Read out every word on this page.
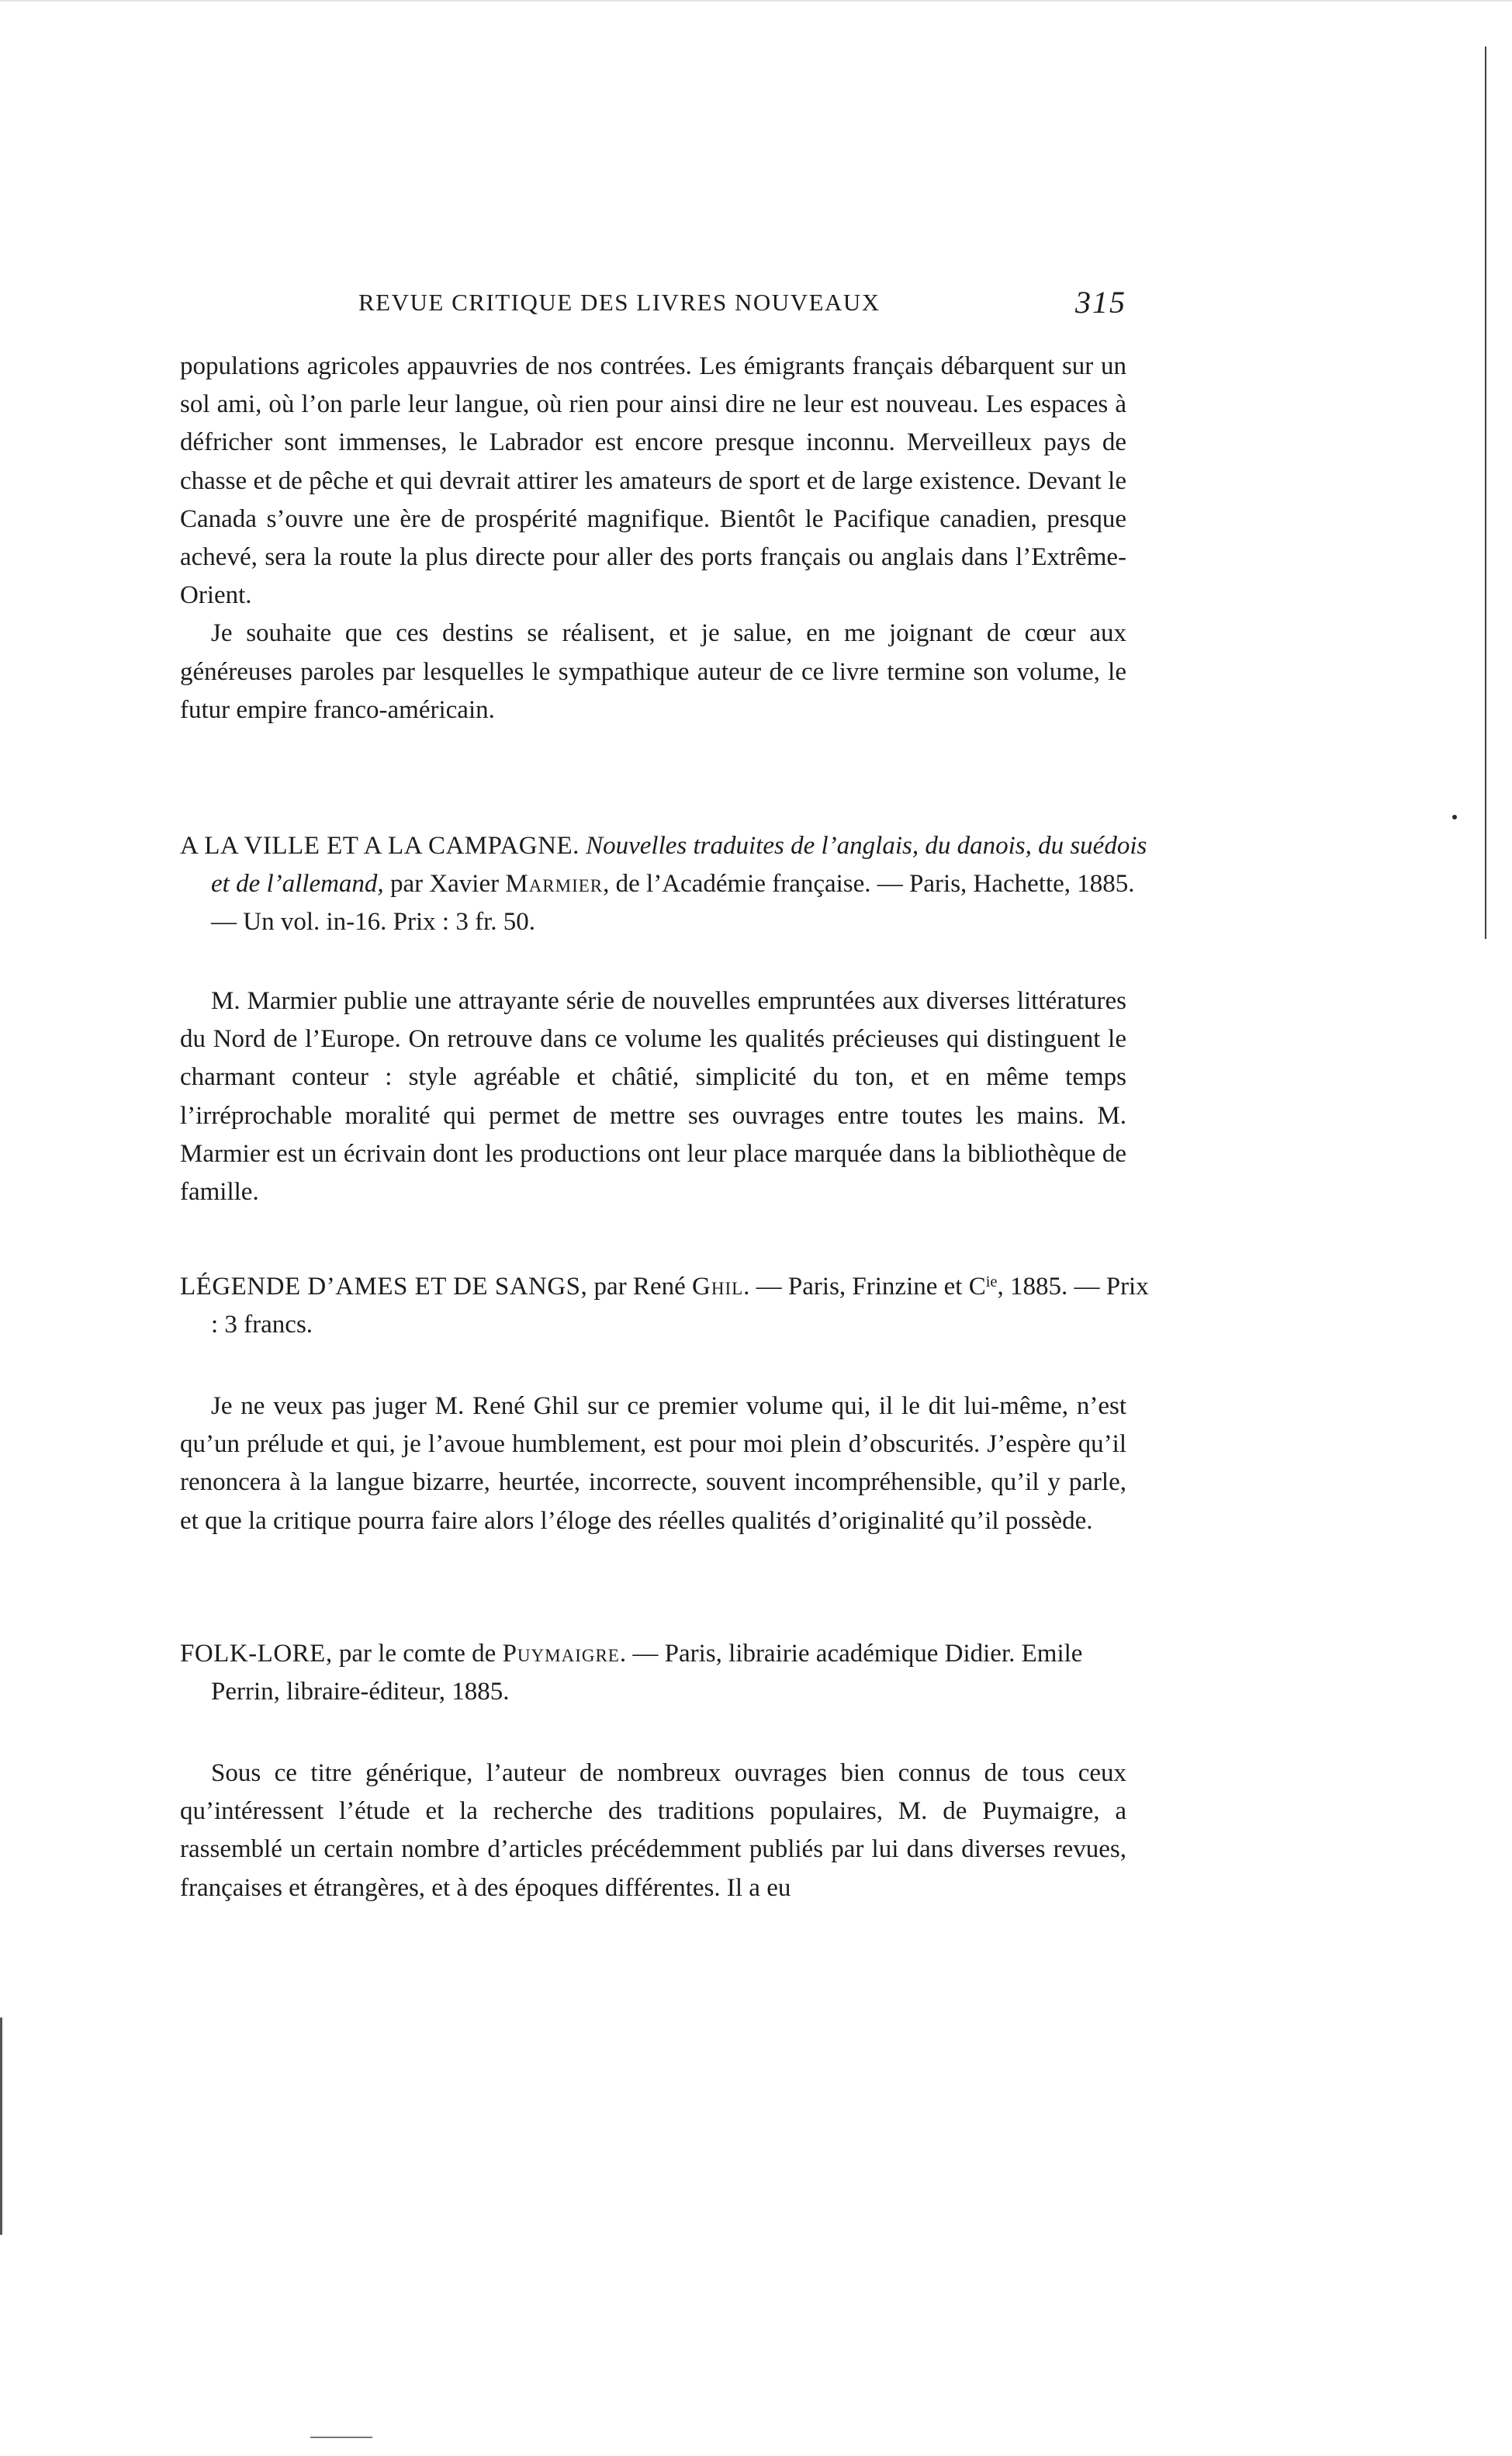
REVUE CRITIQUE DES LIVRES NOUVEAUX	315

populations agricoles appauvries de nos contrées. Les émigrants français débarquent sur un sol ami, où l’on parle leur langue, où rien pour ainsi dire ne leur est nouveau. Les espaces à défricher sont immenses, le Labrador est encore presque inconnu. Merveilleux pays de chasse et de pêche et qui devrait attirer les amateurs de sport et de large existence. Devant le Canada s’ouvre une ère de prospérité magnifique. Bientôt le Pacifique canadien, presque achevé, sera la route la plus directe pour aller des ports français ou anglais dans l’Extrême-Orient.

Je souhaite que ces destins se réalisent, et je salue, en me joignant de cœur aux généreuses paroles par lesquelles le sympathique auteur de ce livre termine son volume, le futur empire franco-américain.

A LA VILLE ET A LA CAMPAGNE. Nouvelles traduites de l’anglais, du danois, du suédois et de l’allemand, par Xavier Marmier, de l’Académie française. — Paris, Hachette, 1885. — Un vol. in-16. Prix : 3 fr. 50.

M. Marmier publie une attrayante série de nouvelles empruntées aux diverses littératures du Nord de l’Europe. On retrouve dans ce volume les qualités précieuses qui distinguent le charmant conteur : style agréable et châtié, simplicité du ton, et en même temps l’irréprochable moralité qui permet de mettre ses ouvrages entre toutes les mains. M. Marmier est un écrivain dont les productions ont leur place marquée dans la bibliothèque de famille.

LÉGENDE D’AMES ET DE SANGS, par René Ghil. — Paris, Frinzine et $C^{ie}$, 1885. — Prix : 3 francs.

Je ne veux pas juger M. René Ghil sur ce premier volume qui, il le dit lui-même, n’est qu’un prélude et qui, je l’avoue humblement, est pour moi plein d’obscurités. J’espère qu’il renoncera à la langue bizarre, heurtée, incorrecte, souvent incompréhensible, qu’il y parle, et que la critique pourra faire alors l’éloge des réelles qualités d’originalité qu’il possède.

FOLK-LORE, par le comte de Puymaigre. — Paris, librairie académique Didier. Emile Perrin, libraire-éditeur, 1885.

Sous ce titre générique, l’auteur de nombreux ouvrages bien connus de tous ceux qu’intéressent l’étude et la recherche des traditions populaires, M. de Puymaigre, a rassemblé un certain nombre d’articles précédemment publiés par lui dans diverses revues, françaises et étrangères, et à des époques différentes. Il a eu
